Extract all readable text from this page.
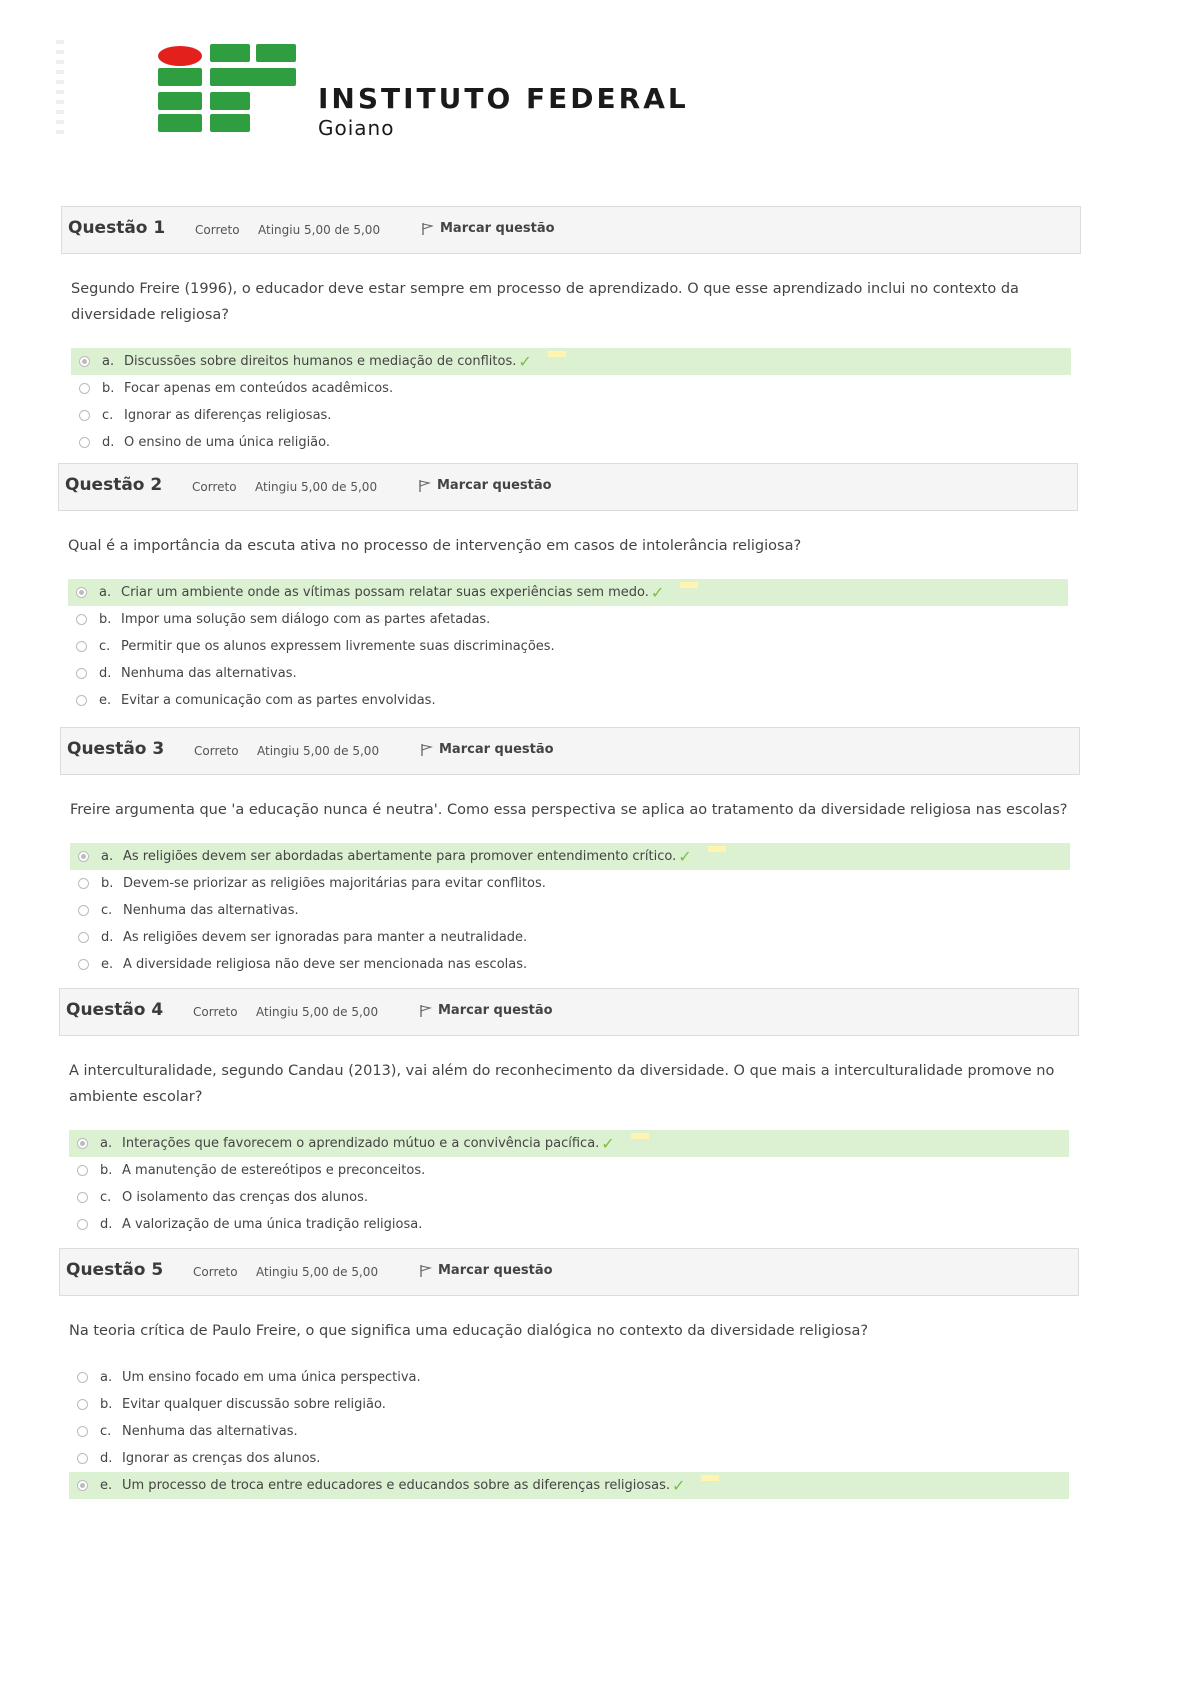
INSTITUTO FEDERAL
Goiano
Questão 1 Correto Atingiu 5,00 de 5,00	Marcar questão
Segundo Freire (1996), o educador deve estar sempre em processo de aprendizado. O que esse aprendizado inclui no contexto da diversidade religiosa?
a. Discussões sobre direitos humanos e mediação de conflitos. ✓
b. Focar apenas em conteúdos acadêmicos.
c. Ignorar as diferenças religiosas.
d. O ensino de uma única religião.
Questão 2 Correto Atingiu 5,00 de 5,00	Marcar questão
Qual é a importância da escuta ativa no processo de intervenção em casos de intolerância religiosa?
a. Criar um ambiente onde as vítimas possam relatar suas experiências sem medo. ✓
b. Impor uma solução sem diálogo com as partes afetadas.
c. Permitir que os alunos expressem livremente suas discriminações.
d. Nenhuma das alternativas.
e. Evitar a comunicação com as partes envolvidas.
Questão 3 Correto Atingiu 5,00 de 5,00	Marcar questão
Freire argumenta que 'a educação nunca é neutra'. Como essa perspectiva se aplica ao tratamento da diversidade religiosa nas escolas?
a. As religiões devem ser abordadas abertamente para promover entendimento crítico. ✓
b. Devem-se priorizar as religiões majoritárias para evitar conflitos.
c. Nenhuma das alternativas.
d. As religiões devem ser ignoradas para manter a neutralidade.
e. A diversidade religiosa não deve ser mencionada nas escolas.
Questão 4 Correto Atingiu 5,00 de 5,00	Marcar questão
A interculturalidade, segundo Candau (2013), vai além do reconhecimento da diversidade. O que mais a interculturalidade promove no ambiente escolar?
a. Interações que favorecem o aprendizado mútuo e a convivência pacífica. ✓
b. A manutenção de estereótipos e preconceitos.
c. O isolamento das crenças dos alunos.
d. A valorização de uma única tradição religiosa.
Questão 5 Correto Atingiu 5,00 de 5,00	Marcar questão
Na teoria crítica de Paulo Freire, o que significa uma educação dialógica no contexto da diversidade religiosa?
a. Um ensino focado em uma única perspectiva.
b. Evitar qualquer discussão sobre religião.
c. Nenhuma das alternativas.
d. Ignorar as crenças dos alunos.
e. Um processo de troca entre educadores e educandos sobre as diferenças religiosas. ✓
